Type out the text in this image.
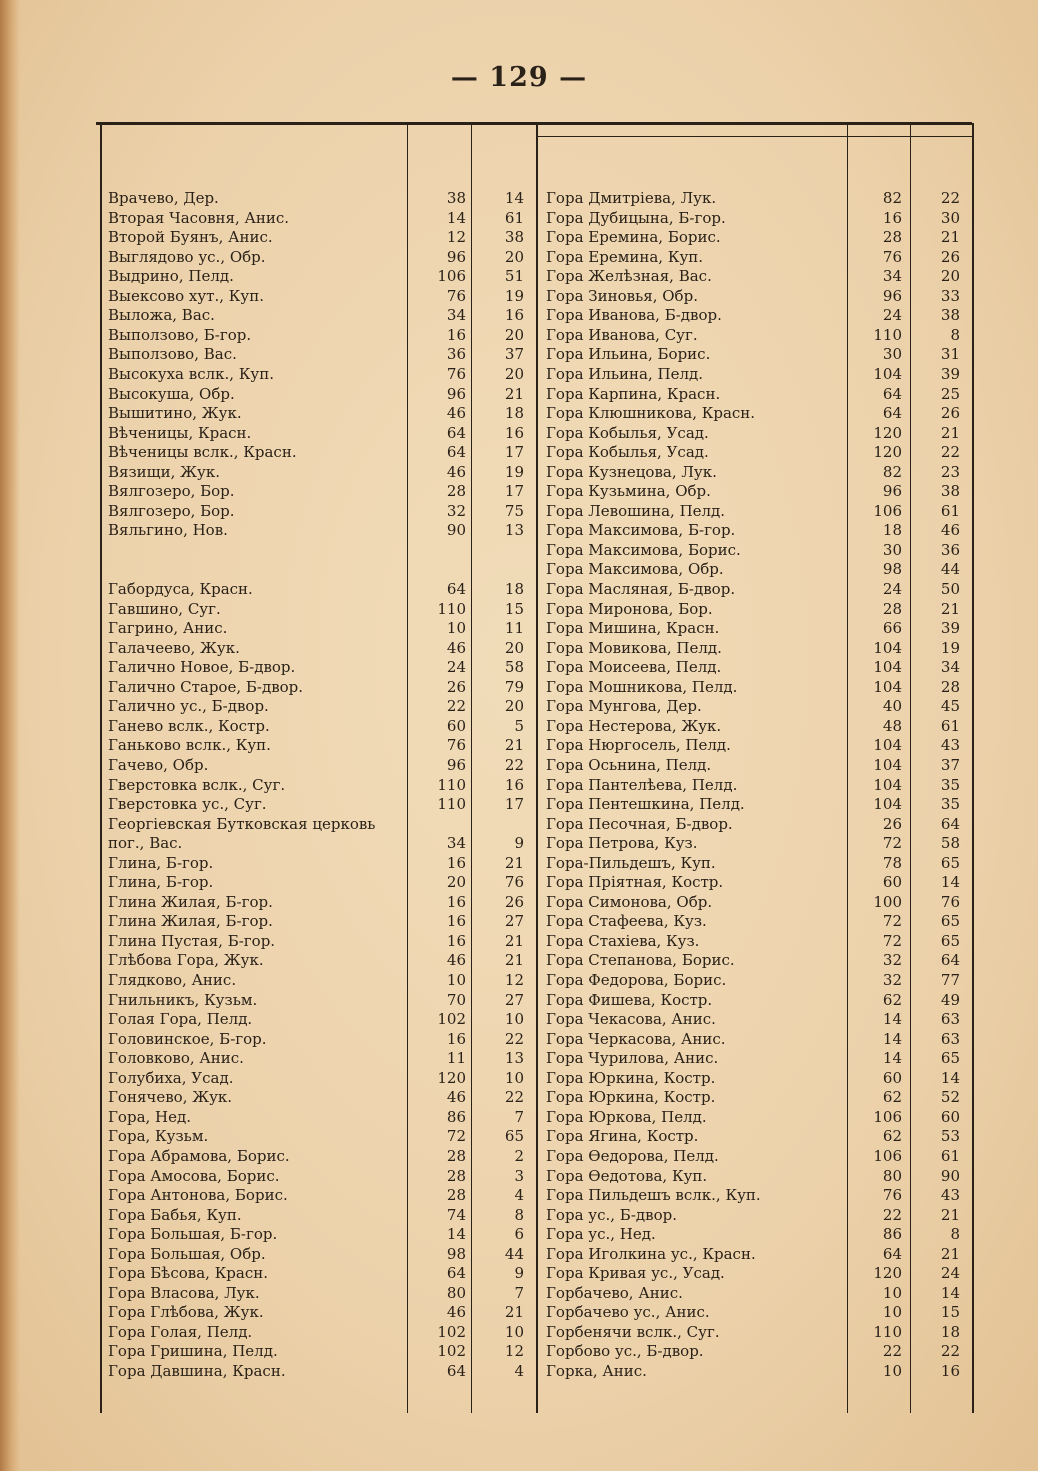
— 129 —
Врачево, Дер.	38	14
Вторая Часовня, Анис.	14	61
Второй Буянъ, Анис.	12	38
Выглядово ус., Обр.	96	20
Выдрино, Пелд.	106	51
Выексово хут., Куп.	76	19
Выложа, Вас.	34	16
Выползово, Б-гор.	16	20
Выползово, Вас.	36	37
Высокуха вслк., Куп.	76	20
Высокуша, Обр.	96	21
Вышитино, Жук.	46	18
Вѣченицы, Красн.	64	16
Вѣченицы вслк., Красн.	64	17
Вязищи, Жук.	46	19
Вялгозеро, Бор.	28	17
Вялгозеро, Бор.	32	75
Вяльгино, Нов.	90	13
Габордуса, Красн.	64	18
Гавшино, Суг.	110	15
Гагрино, Анис.	10	11
Галачеево, Жук.	46	20
Галично Новое, Б-двор.	24	58
Галично Старое, Б-двор.	26	79
Галично ус., Б-двор.	22	20
Ганево вслк., Костр.	60	5
Ганьково вслк., Куп.	76	21
Гачево, Обр.	96	22
Гверстовка вслк., Суг.	110	16
Гверстовка ус., Суг.	110	17
Георгіевская Бутковская церковь
пог., Вас.	34	9
Глина, Б-гор.	16	21
Глина, Б-гор.	20	76
Глина Жилая, Б-гор.	16	26
Глина Жилая, Б-гор.	16	27
Глина Пустая, Б-гор.	16	21
Глѣбова Гора, Жук.	46	21
Глядково, Анис.	10	12
Гнильникъ, Кузьм.	70	27
Голая Гора, Пелд.	102	10
Головинское, Б-гор.	16	22
Головково, Анис.	11	13
Голубиха, Усад.	120	10
Гонячево, Жук.	46	22
Гора, Нед.	86	7
Гора, Кузьм.	72	65
Гора Абрамова, Борис.	28	2
Гора Амосова, Борис.	28	3
Гора Антонова, Борис.	28	4
Гора Бабья, Куп.	74	8
Гора Большая, Б-гор.	14	6
Гора Большая, Обр.	98	44
Гора Бѣсова, Красн.	64	9
Гора Власова, Лук.	80	7
Гора Глѣбова, Жук.	46	21
Гора Голая, Пелд.	102	10
Гора Гришина, Пелд.	102	12
Гора Давшина, Красн.	64	4
Гора Дмитріева, Лук.	82	22
Гора Дубицына, Б-гор.	16	30
Гора Еремина, Борис.	28	21
Гора Еремина, Куп.	76	26
Гора Желѣзная, Вас.	34	20
Гора Зиновья, Обр.	96	33
Гора Иванова, Б-двор.	24	38
Гора Иванова, Суг.	110	8
Гора Ильина, Борис.	30	31
Гора Ильина, Пелд.	104	39
Гора Карпина, Красн.	64	25
Гора Клюшникова, Красн.	64	26
Гора Кобылья, Усад.	120	21
Гора Кобылья, Усад.	120	22
Гора Кузнецова, Лук.	82	23
Гора Кузьмина, Обр.	96	38
Гора Левошина, Пелд.	106	61
Гора Максимова, Б-гор.	18	46
Гора Максимова, Борис.	30	36
Гора Максимова, Обр.	98	44
Гора Масляная, Б-двор.	24	50
Гора Миронова, Бор.	28	21
Гора Мишина, Красн.	66	39
Гора Мовикова, Пелд.	104	19
Гора Моисеева, Пелд.	104	34
Гора Мошникова, Пелд.	104	28
Гора Мунгова, Дер.	40	45
Гора Нестерова, Жук.	48	61
Гора Нюргосель, Пелд.	104	43
Гора Осьнина, Пелд.	104	37
Гора Пантелѣева, Пелд.	104	35
Гора Пентешкина, Пелд.	104	35
Гора Песочная, Б-двор.	26	64
Гора Петрова, Куз.	72	58
Гора-Пильдешъ, Куп.	78	65
Гора Пріятная, Костр.	60	14
Гора Симонова, Обр.	100	76
Гора Стафеева, Куз.	72	65
Гора Стахіева, Куз.	72	65
Гора Степанова, Борис.	32	64
Гора Федорова, Борис.	32	77
Гора Фишева, Костр.	62	49
Гора Чекасова, Анис.	14	63
Гора Черкасова, Анис.	14	63
Гора Чурилова, Анис.	14	65
Гора Юркина, Костр.	60	14
Гора Юркина, Костр.	62	52
Гора Юркова, Пелд.	106	60
Гора Ягина, Костр.	62	53
Гора Ѳедорова, Пелд.	106	61
Гора Ѳедотова, Куп.	80	90
Гора Пильдешъ вслк., Куп.	76	43
Гора ус., Б-двор.	22	21
Гора ус., Нед.	86	8
Гора Иголкина ус., Красн.	64	21
Гора Кривая ус., Усад.	120	24
Горбачево, Анис.	10	14
Горбачево ус., Анис.	10	15
Горбенячи вслк., Суг.	110	18
Горбово ус., Б-двор.	22	22
Горка, Анис.	10	16
